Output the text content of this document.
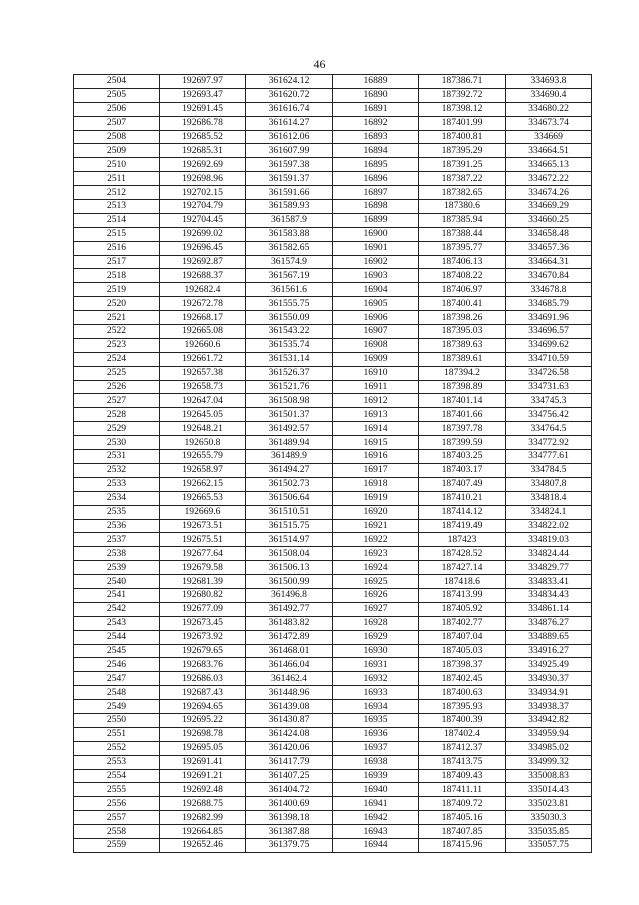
46
2504	192697.97	361624.12	16889	187386.71	334693.8
2505	192693.47	361620.72	16890	187392.72	334690.4
2506	192691.45	361616.74	16891	187398.12	334680.22
2507	192686.78	361614.27	16892	187401.99	334673.74
2508	192685.52	361612.06	16893	187400.81	334669
2509	192685.31	361607.99	16894	187395.29	334664.51
2510	192692.69	361597.38	16895	187391.25	334665.13
2511	192698.96	361591.37	16896	187387.22	334672.22
2512	192702.15	361591.66	16897	187382.65	334674.26
2513	192704.79	361589.93	16898	187380.6	334669.29
2514	192704.45	361587.9	16899	187385.94	334660.25
2515	192699.02	361583.88	16900	187388.44	334658.48
2516	192696.45	361582.65	16901	187395.77	334657.36
2517	192692.87	361574.9	16902	187406.13	334664.31
2518	192688.37	361567.19	16903	187408.22	334670.84
2519	192682.4	361561.6	16904	187406.97	334678.8
2520	192672.78	361555.75	16905	187400.41	334685.79
2521	192668.17	361550.09	16906	187398.26	334691.96
2522	192665.08	361543.22	16907	187395.03	334696.57
2523	192660.6	361535.74	16908	187389.63	334699.62
2524	192661.72	361531.14	16909	187389.61	334710.59
2525	192657.38	361526.37	16910	187394.2	334726.58
2526	192658.73	361521.76	16911	187398.89	334731.63
2527	192647.04	361508.98	16912	187401.14	334745.3
2528	192645.05	361501.37	16913	187401.66	334756.42
2529	192648.21	361492.57	16914	187397.78	334764.5
2530	192650.8	361489.94	16915	187399.59	334772.92
2531	192655.79	361489.9	16916	187403.25	334777.61
2532	192658.97	361494.27	16917	187403.17	334784.5
2533	192662.15	361502.73	16918	187407.49	334807.8
2534	192665.53	361506.64	16919	187410.21	334818.4
2535	192669.6	361510.51	16920	187414.12	334824.1
2536	192673.51	361515.75	16921	187419.49	334822.02
2537	192675.51	361514.97	16922	187423	334819.03
2538	192677.64	361508.04	16923	187428.52	334824.44
2539	192679.58	361506.13	16924	187427.14	334829.77
2540	192681.39	361500.99	16925	187418.6	334833.41
2541	192680.82	361496.8	16926	187413.99	334834.43
2542	192677.09	361492.77	16927	187405.92	334861.14
2543	192673.45	361483.82	16928	187402.77	334876.27
2544	192673.92	361472.89	16929	187407.04	334889.65
2545	192679.65	361468.01	16930	187405.03	334916.27
2546	192683.76	361466.04	16931	187398.37	334925.49
2547	192686.03	361462.4	16932	187402.45	334930.37
2548	192687.43	361448.96	16933	187400.63	334934.91
2549	192694.65	361439.08	16934	187395.93	334938.37
2550	192695.22	361430.87	16935	187400.39	334942.82
2551	192698.78	361424.08	16936	187402.4	334959.94
2552	192695.05	361420.06	16937	187412.37	334985.02
2553	192691.41	361417.79	16938	187413.75	334999.32
2554	192691.21	361407.25	16939	187409.43	335008.83
2555	192692.48	361404.72	16940	187411.11	335014.43
2556	192688.75	361400.69	16941	187409.72	335023.81
2557	192682.99	361398.18	16942	187405.16	335030.3
2558	192664.85	361387.88	16943	187407.85	335035.85
2559	192652.46	361379.75	16944	187415.96	335057.75
